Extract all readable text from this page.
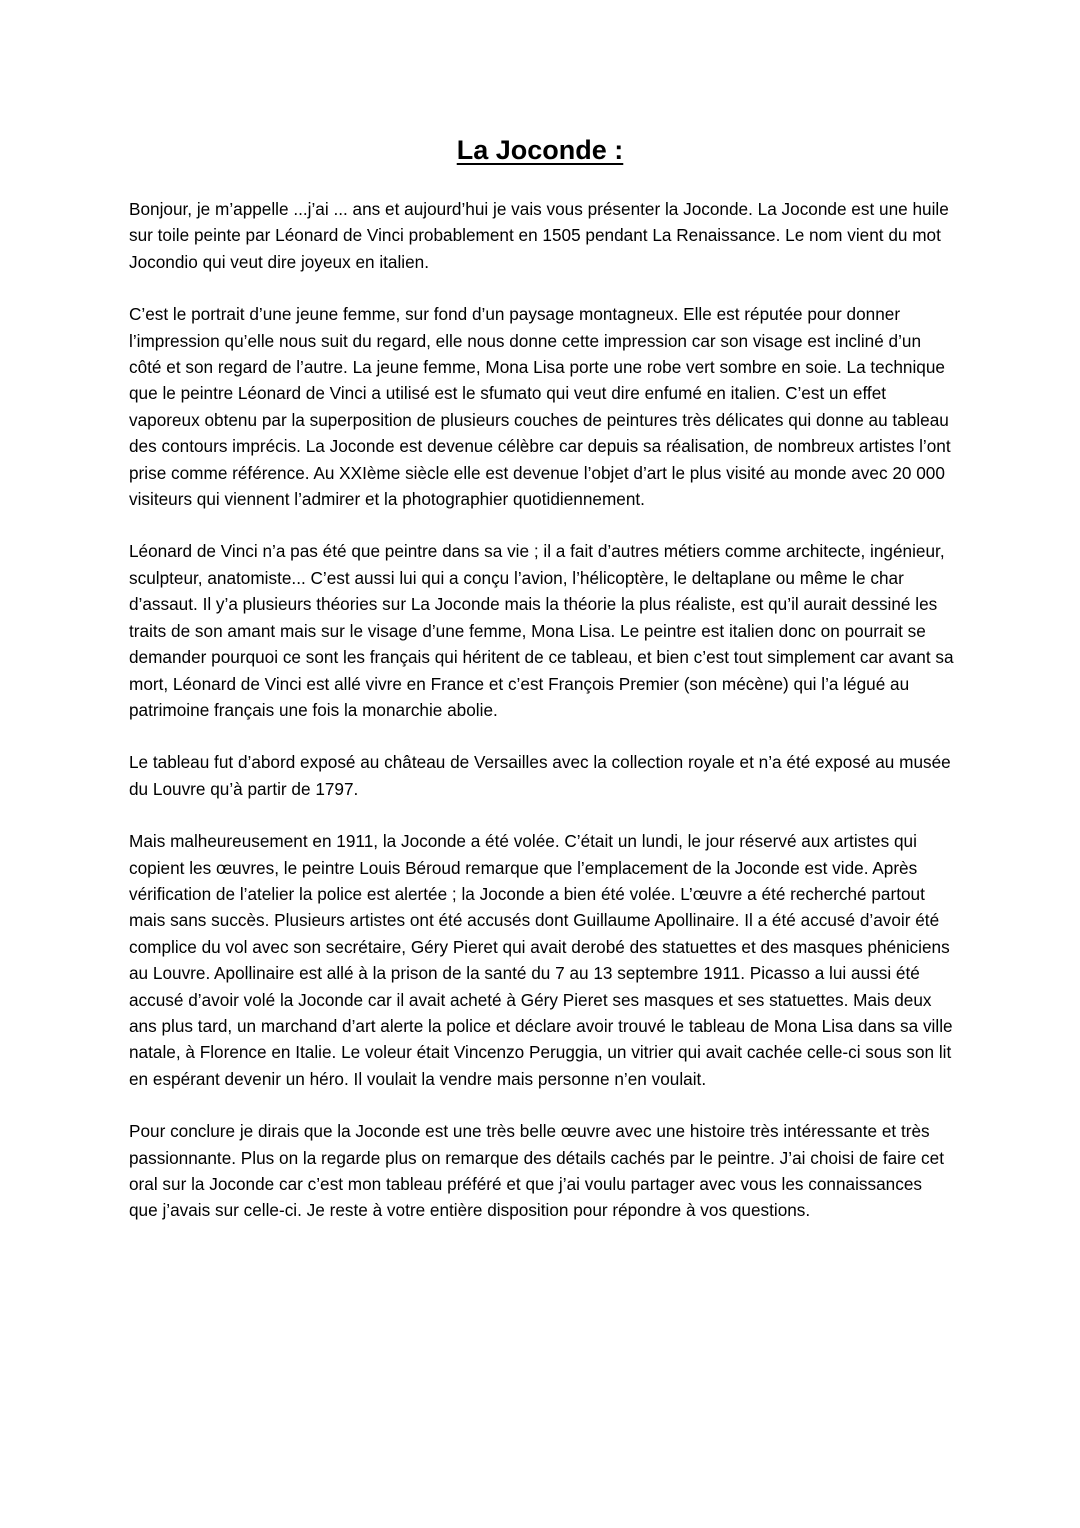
La Joconde :

Bonjour, je m’appelle ...j’ai ... ans et aujourd’hui je vais vous présenter la Joconde. La Joconde est une huile sur toile peinte par Léonard de Vinci probablement en 1505 pendant La Renaissance. Le nom vient du mot Jocondio qui veut dire joyeux en italien.

C’est le portrait d’une jeune femme, sur fond d’un paysage montagneux. Elle est réputée pour donner l’impression qu’elle nous suit du regard, elle nous donne cette impression car son visage est incliné d’un côté et son regard de l’autre. La jeune femme, Mona Lisa porte une robe vert sombre en soie. La technique que le peintre Léonard de Vinci a utilisé est le sfumato qui veut dire enfumé en italien. C’est un effet vaporeux obtenu par la superposition de plusieurs couches de peintures très délicates qui donne au tableau des contours imprécis. La Joconde est devenue célèbre car depuis sa réalisation, de nombreux artistes l’ont prise comme référence. Au XXIème siècle elle est devenue l’objet d’art le plus visité au monde avec 20 000 visiteurs qui viennent l’admirer et la photographier quotidiennement.

Léonard de Vinci n’a pas été que peintre dans sa vie ; il a fait d’autres métiers comme architecte, ingénieur, sculpteur, anatomiste... C’est aussi lui qui a conçu l’avion, l’hélicoptère, le deltaplane ou même le char d’assaut. Il y’a plusieurs théories sur La Joconde mais la théorie la plus réaliste, est qu’il aurait dessiné les traits de son amant mais sur le visage d’une femme, Mona Lisa. Le peintre est italien donc on pourrait se demander pourquoi ce sont les français qui héritent de ce tableau, et bien c’est tout simplement car avant sa mort, Léonard de Vinci est allé vivre en France et c’est François Premier (son mécène) qui l’a légué au patrimoine français une fois la monarchie abolie.

Le tableau fut d’abord exposé au château de Versailles avec la collection royale et n’a été exposé au musée du Louvre qu’à partir de 1797.

Mais malheureusement en 1911, la Joconde a été volée. C’était un lundi, le jour réservé aux artistes qui copient les œuvres, le peintre Louis Béroud remarque que l’emplacement de la Joconde est vide. Après vérification de l’atelier la police est alertée ; la Joconde a bien été volée. L’œuvre a été recherché partout mais sans succès. Plusieurs artistes ont été accusés dont Guillaume Apollinaire. Il a été accusé d’avoir été complice du vol avec son secrétaire, Géry Pieret qui avait derobé des statuettes et des masques phéniciens au Louvre. Apollinaire est allé à la prison de la santé du 7 au 13 septembre 1911. Picasso a lui aussi été accusé d’avoir volé la Joconde car il avait acheté à Géry Pieret ses masques et ses statuettes. Mais deux ans plus tard, un marchand d’art alerte la police et déclare avoir trouvé le tableau de Mona Lisa dans sa ville natale, à Florence en Italie. Le voleur était Vincenzo Peruggia, un vitrier qui avait cachée celle-ci sous son lit en espérant devenir un héro. Il voulait la vendre mais personne n’en voulait.

Pour conclure je dirais que la Joconde est une très belle œuvre avec une histoire très intéressante et très passionnante. Plus on la regarde plus on remarque des détails cachés par le peintre. J’ai choisi de faire cet oral sur la Joconde car c’est mon tableau préféré et que j’ai voulu partager avec vous les connaissances que j’avais sur celle-ci. Je reste à votre entière disposition pour répondre à vos questions.
